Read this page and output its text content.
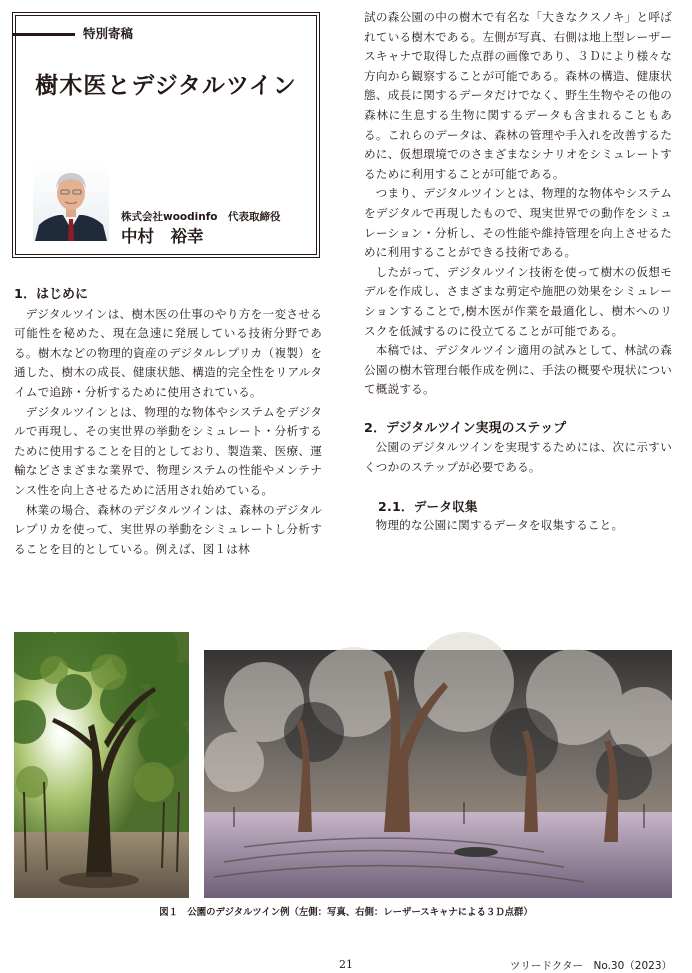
特別寄稿
樹木医とデジタルツイン
株式会社woodinfo　代表取締役
中村　裕幸

1．はじめに

デジタルツインは、樹木医の仕事のやり方を一変させる可能性を秘めた、現在急速に発展している技術分野である。樹木などの物理的資産のデジタルレプリカ（複製）を通した、樹木の成長、健康状態、構造的完全性をリアルタイムで追跡・分析するために使用されている。

デジタルツインとは、物理的な物体やシステムをデジタルで再現し、その実世界の挙動をシミュレート・分析するために使用することを目的としており、製造業、医療、運輸などさまざまな業界で、物理システムの性能やメンテナンス性を向上させるために活用され始めている。

林業の場合、森林のデジタルツインは、森林のデジタルレプリカを使って、実世界の挙動をシミュレートし分析することを目的としている。例えば、図１は林

試の森公園の中の樹木で有名な「大きなクスノキ」と呼ばれている樹木である。左側が写真、右側は地上型レーザースキャナで取得した点群の画像であり、３Ｄにより様々な方向から観察することが可能である。森林の構造、健康状態、成長に関するデータだけでなく、野生生物やその他の森林に生息する生物に関するデータも含まれることもある。これらのデータは、森林の管理や手入れを改善するために、仮想環境でのさまざまなシナリオをシミュレートするために利用することが可能である。

つまり、デジタルツインとは、物理的な物体やシステムをデジタルで再現したもので、現実世界での動作をシミュレーション・分析し、その性能や維持管理を向上させるために利用することができる技術である。

したがって、デジタルツイン技術を使って樹木の仮想モデルを作成し、さまざまな剪定や施肥の効果をシミュレーションすることで,樹木医が作業を最適化し、樹木へのリスクを低減するのに役立てることが可能である。

本稿では、デジタルツイン適用の試みとして、林試の森公園の樹木管理台帳作成を例に、手法の概要や現状について概説する。

2．デジタルツイン実現のステップ

公園のデジタルツインを実現するためには、次に示すいくつかのステップが必要である。

2.1．データ収集

物理的な公園に関するデータを収集すること。

図１　公園のデジタルツイン例（左側：写真、右側：レーザースキャナによる３Ｄ点群）
21	ツリードクター　No.30（2023）
